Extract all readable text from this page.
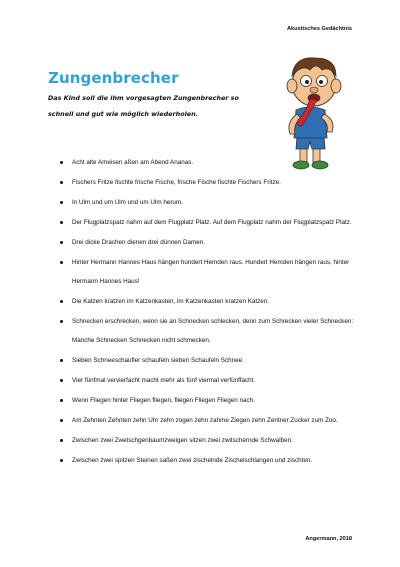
Akustisches Gedächtnis
Zungenbrecher
Das Kind soll die ihm vorgesagten Zungenbrecher so schnell und gut wie möglich wiederholen.
Acht alte Ameisen aßen am Abend Ananas.
Fischers Fritze fischte frische Fische, frische Fische fischte Fischers Fritze.
In Ulm und um Ulm und um Ulm herum.
Der Flugplatzspatz nahm auf dem Flugplatz Platz. Auf dem Flugplatz nahm der Flugplatzspatz Platz.
Drei dicke Drachen dienen drei dünnen Damen.
Hinter Hermann Hannes Haus hängen hundert Hemden raus. Hundert Hemden hängen raus, hinter Hermann Hannes Haus!
Die Katzen kratzen im Katzenkasten, im Katzenkasten kratzen Katzen.
Schnecken erschrecken, wenn sie an Schnecken schlecken, denn zum Schrecken vieler Schnecken: Manche Schnecken Schnecken nicht schmecken.
Sieben Schneeschaufler schaufeln sieben Schaufeln Schnee.
Vier fünfmal vervierfacht macht mehr als fünf viermal verfünffacht.
Wenn Fliegen hinter Fliegen fliegen, fliegen Fliegen Fliegen nach.
Am Zehnten Zehnten zehn Uhr zehn zogen zehn zahme Ziegen zehn Zentner Zucker zum Zoo.
Zwischen zwei Zwetschgenbaumzweigen sitzen zwei zwitschernde Schwalben.
Zwischen zwei spitzen Steinen saßen zwei zischelnde Zischelschlangen und zischten.
Angermann, 2018
